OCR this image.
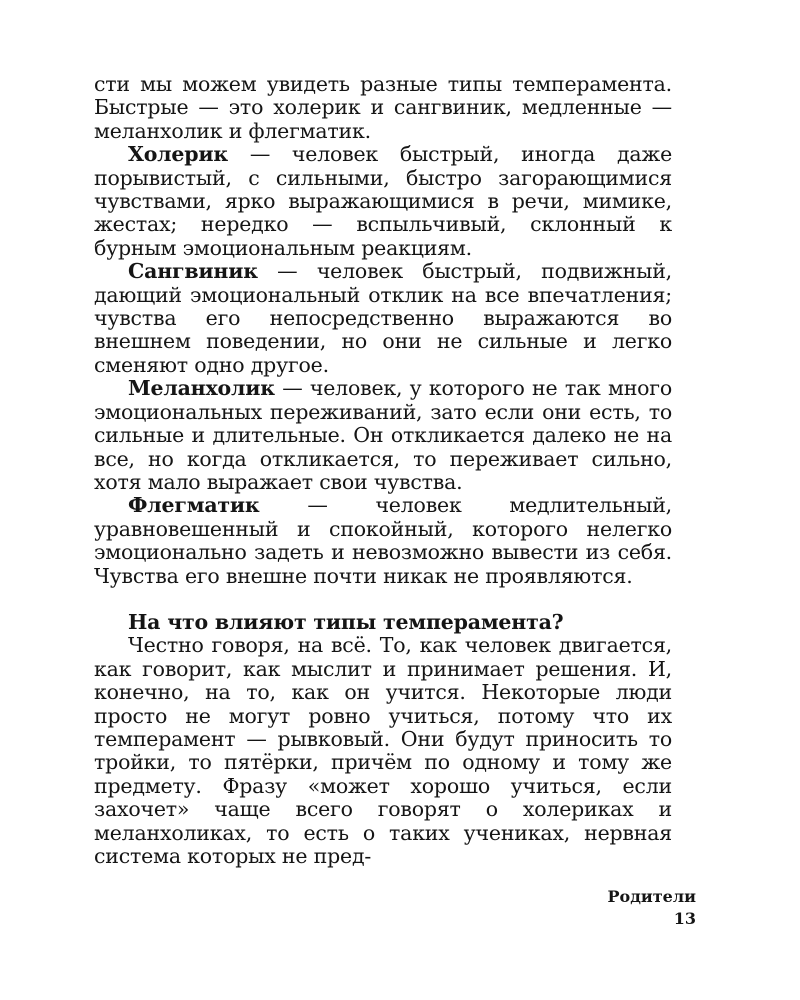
сти мы можем увидеть разные типы темперамента. Быстрые — это холерик и сангвиник, медленные — меланхолик и флегматик.

Холерик — человек быстрый, иногда даже порывистый, с сильными, быстро загорающимися чувствами, ярко выражающимися в речи, мимике, жестах; нередко — вспыльчивый, склонный к бурным эмоциональным реакциям.

Сангвиник — человек быстрый, подвижный, дающий эмоциональный отклик на все впечатления; чувства его непосредственно выражаются во внешнем поведении, но они не сильные и легко сменяют одно другое.

Меланхолик — человек, у которого не так много эмоциональных переживаний, зато если они есть, то сильные и длительные. Он откликается далеко не на все, но когда откликается, то переживает сильно, хотя мало выражает свои чувства.

Флегматик — человек медлительный, уравновешенный и спокойный, которого нелегко эмоционально задеть и невозможно вывести из себя. Чувства его внешне почти никак не проявляются.

На что влияют типы темперамента?

Честно говоря, на всё. То, как человек двигается, как говорит, как мыслит и принимает решения. И, конечно, на то, как он учится. Некоторые люди просто не могут ровно учиться, потому что их темперамент — рывковый. Они будут приносить то тройки, то пятёрки, причём по одному и тому же предмету. Фразу «может хорошо учиться, если захочет» чаще всего говорят о холериках и меланхоликах, то есть о таких учениках, нервная система которых не пред-

Родители
13
